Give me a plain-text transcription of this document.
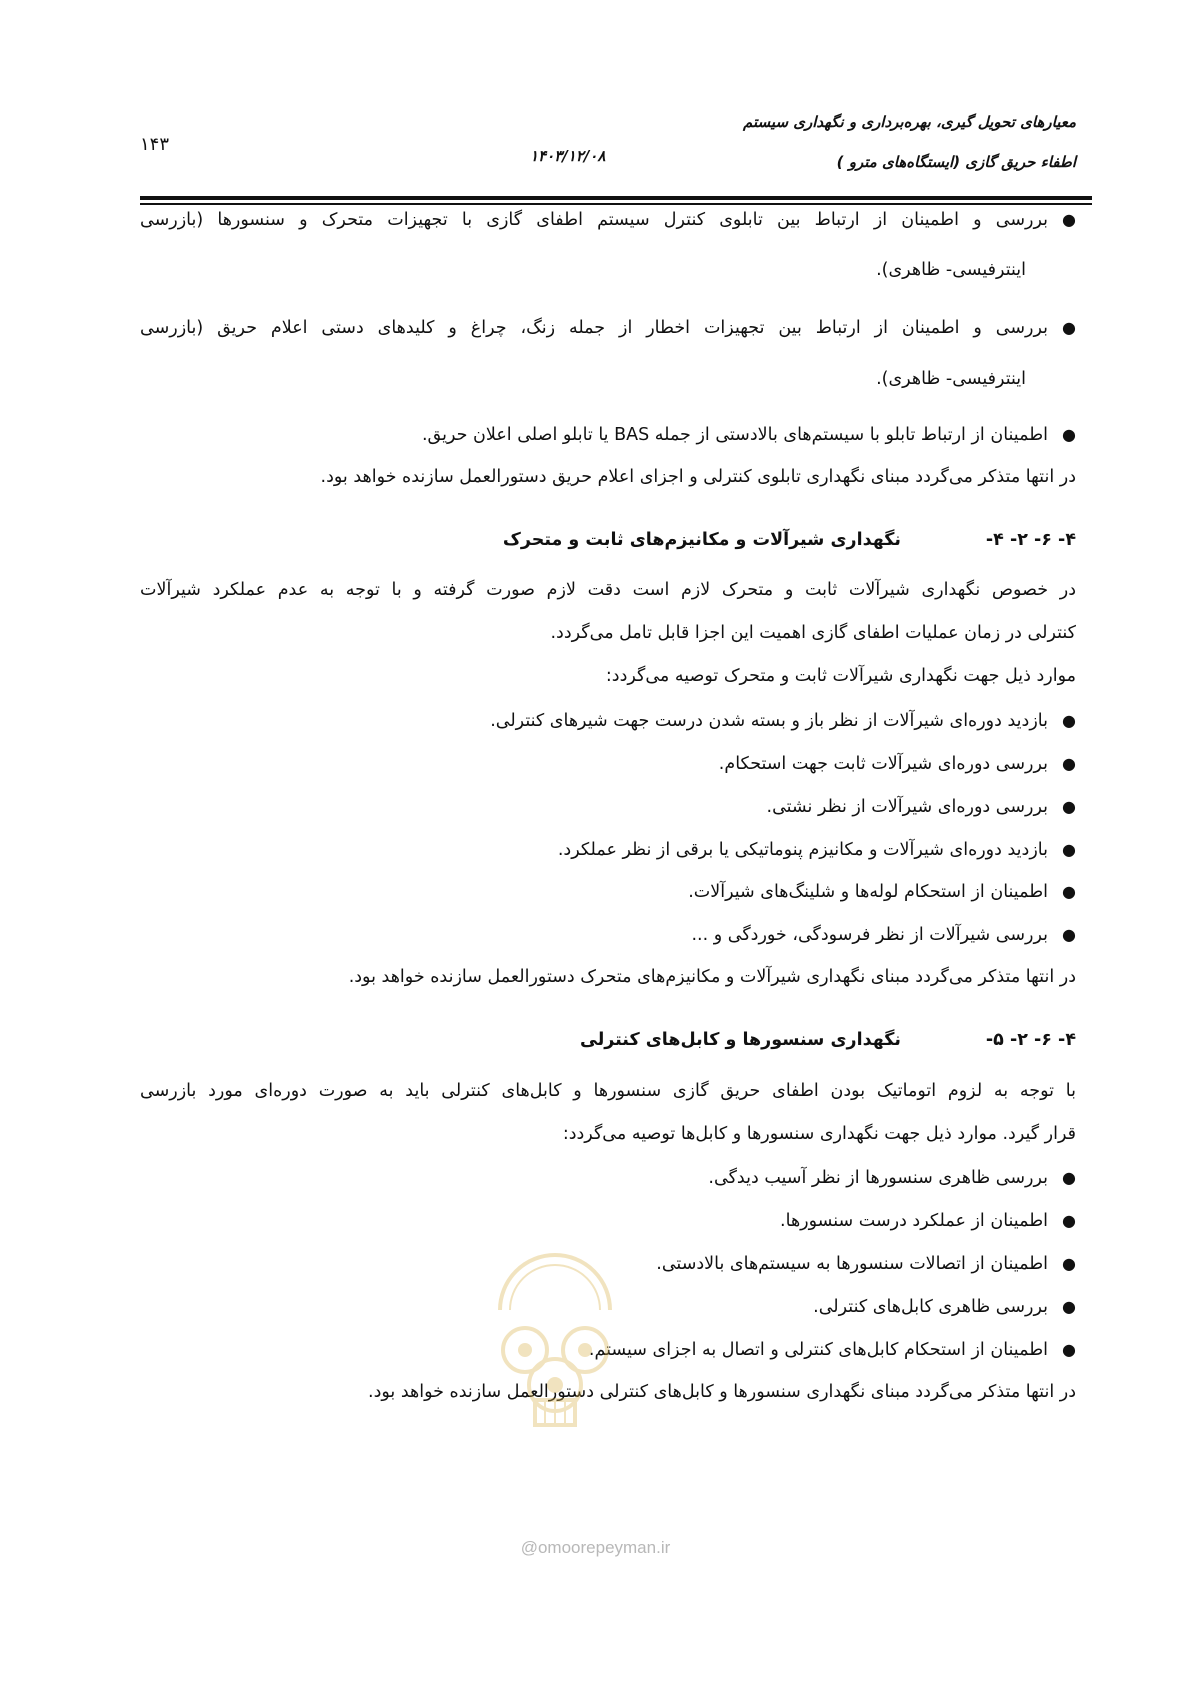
معیارهای تحویل گیری، بهره‌برداری و نگهداری سیستم
اطفاء حریق گازی (ایستگاه‌های مترو )
۱۴۰۳/۱۲/۰۸
۱۴۳
●بررسی و اطمینان از ارتباط بین تابلوی کنترل سیستم اطفای گازی با تجهیزات متحرک و سنسورها (بازرسی
اینترفیسی- ظاهری).
●بررسی و اطمینان از ارتباط بین تجهیزات اخطار از جمله زنگ، چراغ و کلیدهای دستی اعلام حریق (بازرسی
اینترفیسی- ظاهری).
●اطمینان از ارتباط تابلو با سیستم‌های بالادستی از جمله BAS یا تابلو اصلی اعلان حریق.
در انتها متذکر می‌گردد مبنای نگهداری تابلوی کنترلی و اجزای اعلام حریق دستورالعمل سازنده خواهد بود.
۴- ۶- ۲- ۴-نگهداری شیرآلات و مکانیزم‌های ثابت و متحرک
در خصوص نگهداری شیرآلات ثابت و متحرک لازم است دقت لازم صورت گرفته و با توجه به عدم عملکرد شیرآلات
کنترلی در زمان عملیات اطفای گازی اهمیت این اجزا قابل تامل می‌گردد.
موارد ذیل جهت نگهداری شیرآلات ثابت و متحرک توصیه می‌گردد:
●بازدید دوره‌ای شیرآلات از نظر باز و بسته شدن درست جهت شیرهای کنترلی.
●بررسی دوره‌ای شیرآلات ثابت جهت استحکام.
●بررسی دوره‌ای شیرآلات از نظر نشتی.
●بازدید دوره‌ای شیرآلات و مکانیزم پنوماتیکی یا برقی از نظر عملکرد.
●اطمینان از استحکام لوله‌ها و شلینگ‌های شیرآلات.
●بررسی شیرآلات از نظر فرسودگی، خوردگی و ...
در انتها متذکر می‌گردد مبنای نگهداری شیرآلات و مکانیزم‌های متحرک دستورالعمل سازنده خواهد بود.
۴- ۶- ۲- ۵-نگهداری سنسورها و کابل‌های کنترلی
با توجه به لزوم اتوماتیک بودن اطفای حریق گازی سنسورها و کابل‌های کنترلی باید به صورت دوره‌ای مورد بازرسی
قرار گیرد. موارد ذیل جهت نگهداری سنسورها و کابل‌ها توصیه می‌گردد:
●بررسی ظاهری سنسورها از نظر آسیب دیدگی.
●اطمینان از عملکرد درست سنسورها.
●اطمینان از اتصالات سنسورها به سیستم‌های بالادستی.
●بررسی ظاهری کابل‌های کنترلی.
●اطمینان از استحکام کابل‌های کنترلی و اتصال به اجزای سیستم.
در انتها متذکر می‌گردد مبنای نگهداری سنسورها و کابل‌های کنترلی دستورالعمل سازنده خواهد بود.
@omoorepeyman.ir
